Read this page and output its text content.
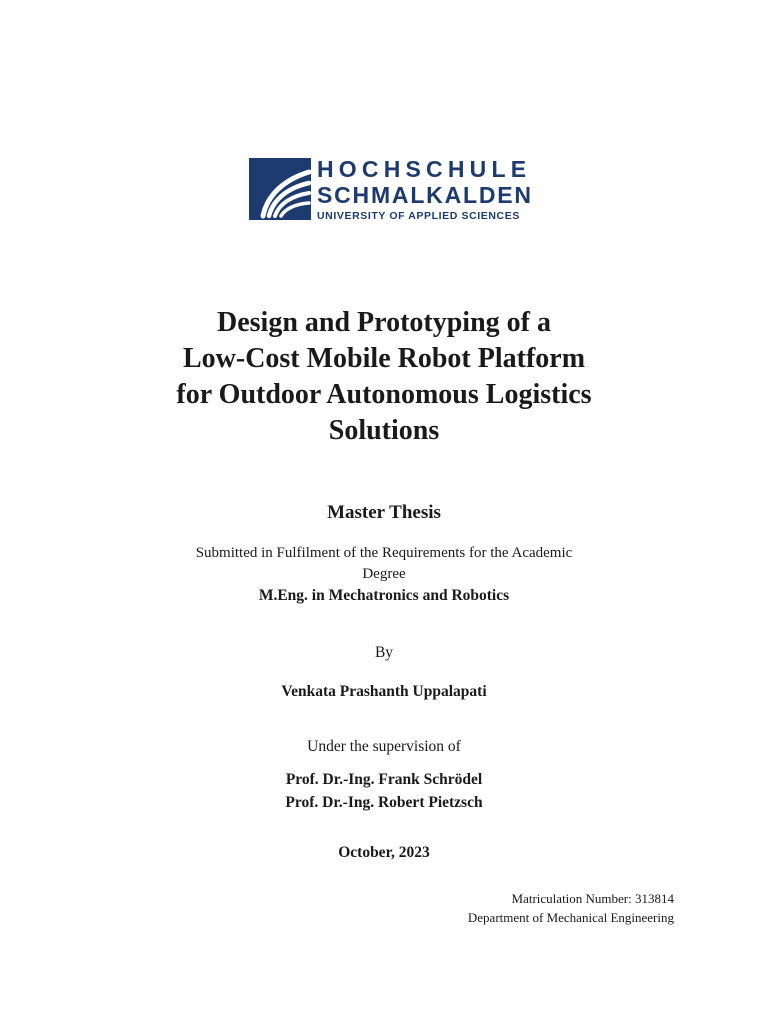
HOCHSCHULE
SCHMALKALDEN
UNIVERSITY OF APPLIED SCIENCES
Design and Prototyping of a
Low-Cost Mobile Robot Platform
for Outdoor Autonomous Logistics
Solutions
Master Thesis
Submitted in Fulfilment of the Requirements for the Academic
Degree
M.Eng. in Mechatronics and Robotics
By
Venkata Prashanth Uppalapati
Under the supervision of
Prof. Dr.-Ing. Frank Schrödel
Prof. Dr.-Ing. Robert Pietzsch
October, 2023
Matriculation Number: 313814
Department of Mechanical Engineering
